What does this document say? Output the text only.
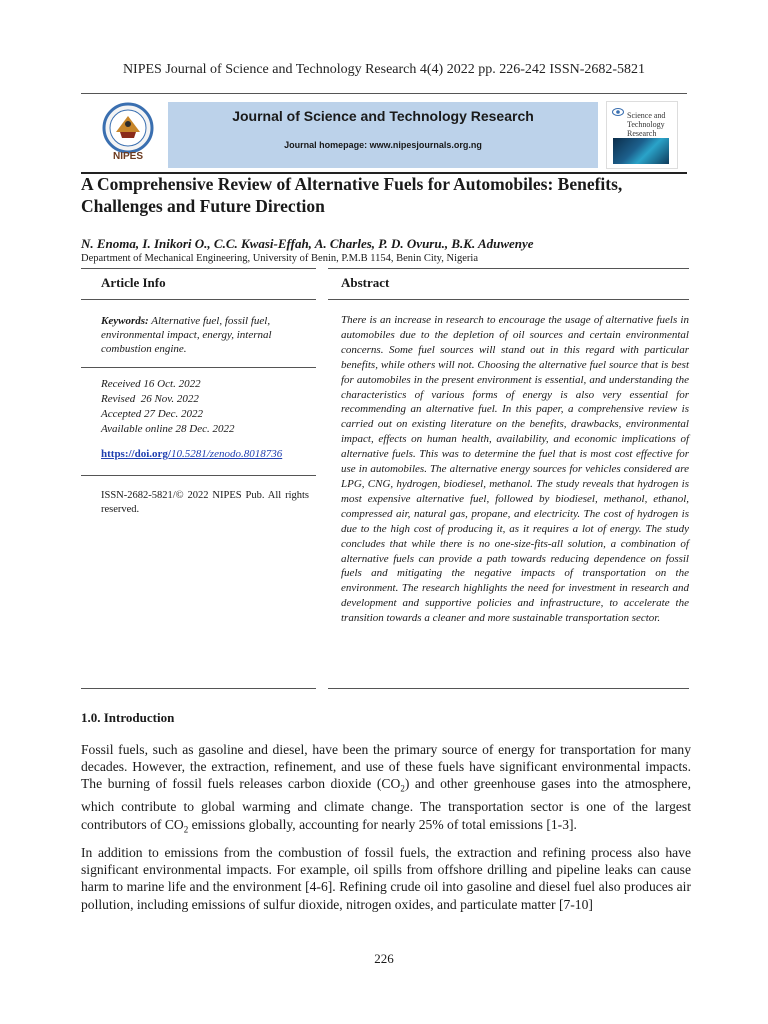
NIPES Journal of Science and Technology Research 4(4) 2022 pp. 226-242 ISSN-2682-5821
NIPES
Journal of Science and Technology Research
Journal homepage: www.nipesjournals.org.ng
Science and Technology Research
A Comprehensive Review of Alternative Fuels for Automobiles: Benefits, Challenges and Future Direction
N. Enoma, I. Inikori O., C.C. Kwasi-Effah, A. Charles, P. D. Ovuru., B.K. Aduwenye
Department of Mechanical Engineering, University of Benin, P.M.B 1154, Benin City, Nigeria
Article Info	Abstract
Keywords: Alternative fuel, fossil fuel, environmental impact, energy, internal combustion engine.
Received 16 Oct. 2022
Revised  26 Nov. 2022
Accepted 27 Dec. 2022
Available online 28 Dec. 2022
https://doi.org/10.5281/zenodo.8018736
ISSN-2682-5821/© 2022 NIPES Pub. All rights reserved.
There is an increase in research to encourage the usage of alternative fuels in automobiles due to the depletion of oil sources and certain environmental concerns. Some fuel sources will stand out in this regard with particular benefits, while others will not. Choosing the alternative fuel source that is best for automobiles in the present environment is essential, and understanding the characteristics of various forms of energy is also very essential for recommending an alternative fuel. In this paper, a comprehensive review is carried out on existing literature on the benefits, drawbacks, environmental impact, effects on human health, availability, and economic implications of alternative fuels. This was to determine the fuel that is most cost effective for use in automobiles. The alternative energy sources for vehicles considered are LPG, CNG, hydrogen, biodiesel, methanol. The study reveals that hydrogen is most expensive alternative fuel, followed by biodiesel, methanol, ethanol, compressed air, natural gas, propane, and electricity. The cost of hydrogen is due to the high cost of producing it, as it requires a lot of energy. The study concludes that while there is no one-size-fits-all solution, a combination of alternative fuels can provide a path towards reducing dependence on fossil fuels and mitigating the negative impacts of transportation on the environment. The research highlights the need for investment in research and development and supportive policies and infrastructure, to accelerate the transition towards a cleaner and more sustainable transportation sector.
1.0. Introduction
Fossil fuels, such as gasoline and diesel, have been the primary source of energy for transportation for many decades. However, the extraction, refinement, and use of these fuels have significant environmental impacts. The burning of fossil fuels releases carbon dioxide $(CO_2)$ and other greenhouse gases into the atmosphere, which contribute to global warming and climate change. The transportation sector is one of the largest contributors of $CO_2$ emissions globally, accounting for nearly 25% of total emissions [1-3].
In addition to emissions from the combustion of fossil fuels, the extraction and refining process also have significant environmental impacts. For example, oil spills from offshore drilling and pipeline leaks can cause harm to marine life and the environment [4-6]. Refining crude oil into gasoline and diesel fuel also produces air pollution, including emissions of sulfur dioxide, nitrogen oxides, and particulate matter [7-10]
226
